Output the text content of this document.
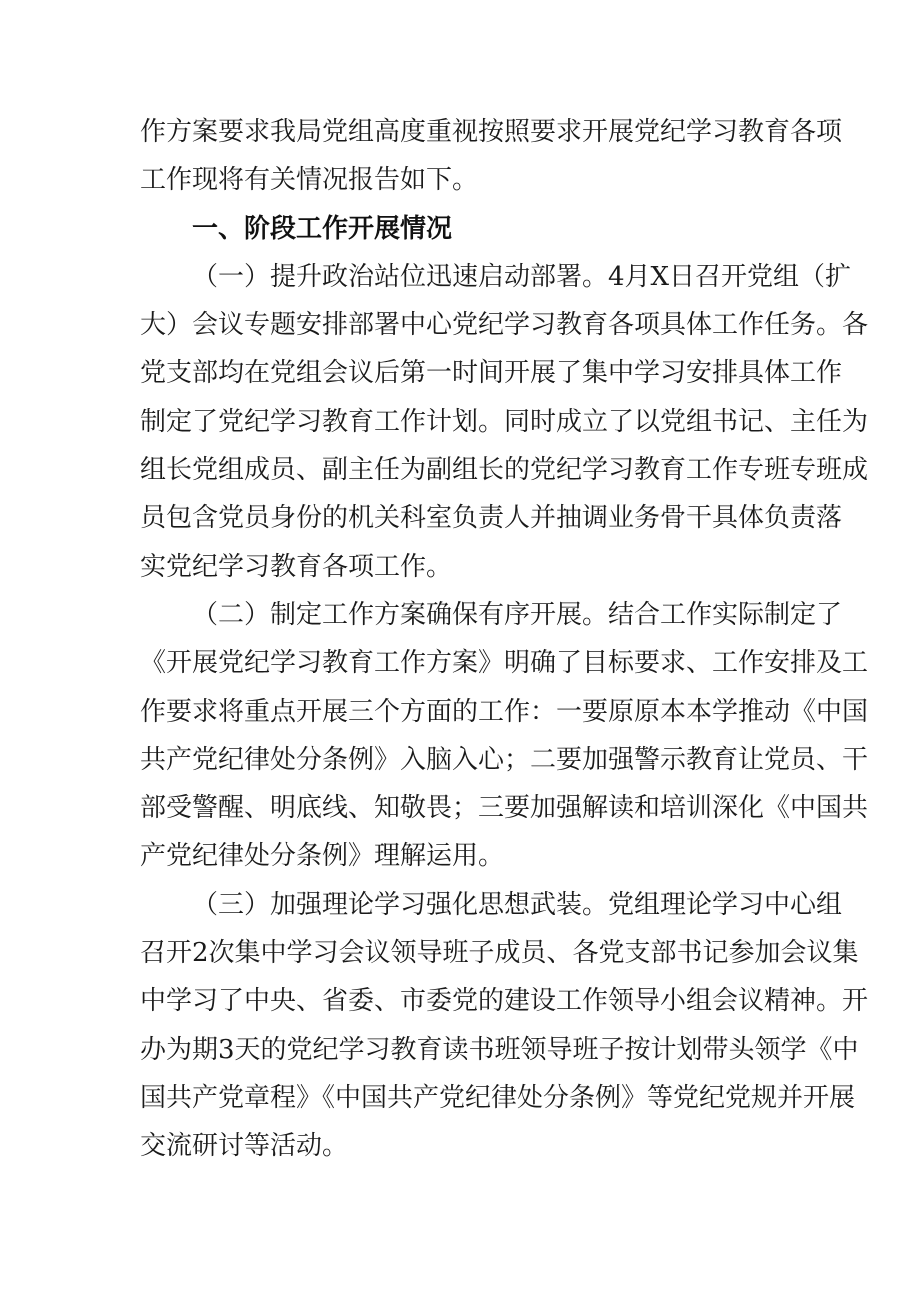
作方案要求我局党组高度重视按照要求开展党纪学习教育各项

工作现将有关情况报告如下。

一、阶段工作开展情况

（一）提升政治站位迅速启动部署。4月X日召开党组（扩

大）会议专题安排部署中心党纪学习教育各项具体工作任务。各

党支部均在党组会议后第一时间开展了集中学习安排具体工作

制定了党纪学习教育工作计划。同时成立了以党组书记、主任为

组长党组成员、副主任为副组长的党纪学习教育工作专班专班成

员包含党员身份的机关科室负责人并抽调业务骨干具体负责落

实党纪学习教育各项工作。

（二）制定工作方案确保有序开展。结合工作实际制定了

《开展党纪学习教育工作方案》明确了目标要求、工作安排及工

作要求将重点开展三个方面的工作：一要原原本本学推动《中国

共产党纪律处分条例》入脑入心；二要加强警示教育让党员、干

部受警醒、明底线、知敬畏；三要加强解读和培训深化《中国共

产党纪律处分条例》理解运用。

（三）加强理论学习强化思想武装。党组理论学习中心组

召开2次集中学习会议领导班子成员、各党支部书记参加会议集

中学习了中央、省委、市委党的建设工作领导小组会议精神。开

办为期3天的党纪学习教育读书班领导班子按计划带头领学《中

国共产党章程》《中国共产党纪律处分条例》等党纪党规并开展

交流研讨等活动。
